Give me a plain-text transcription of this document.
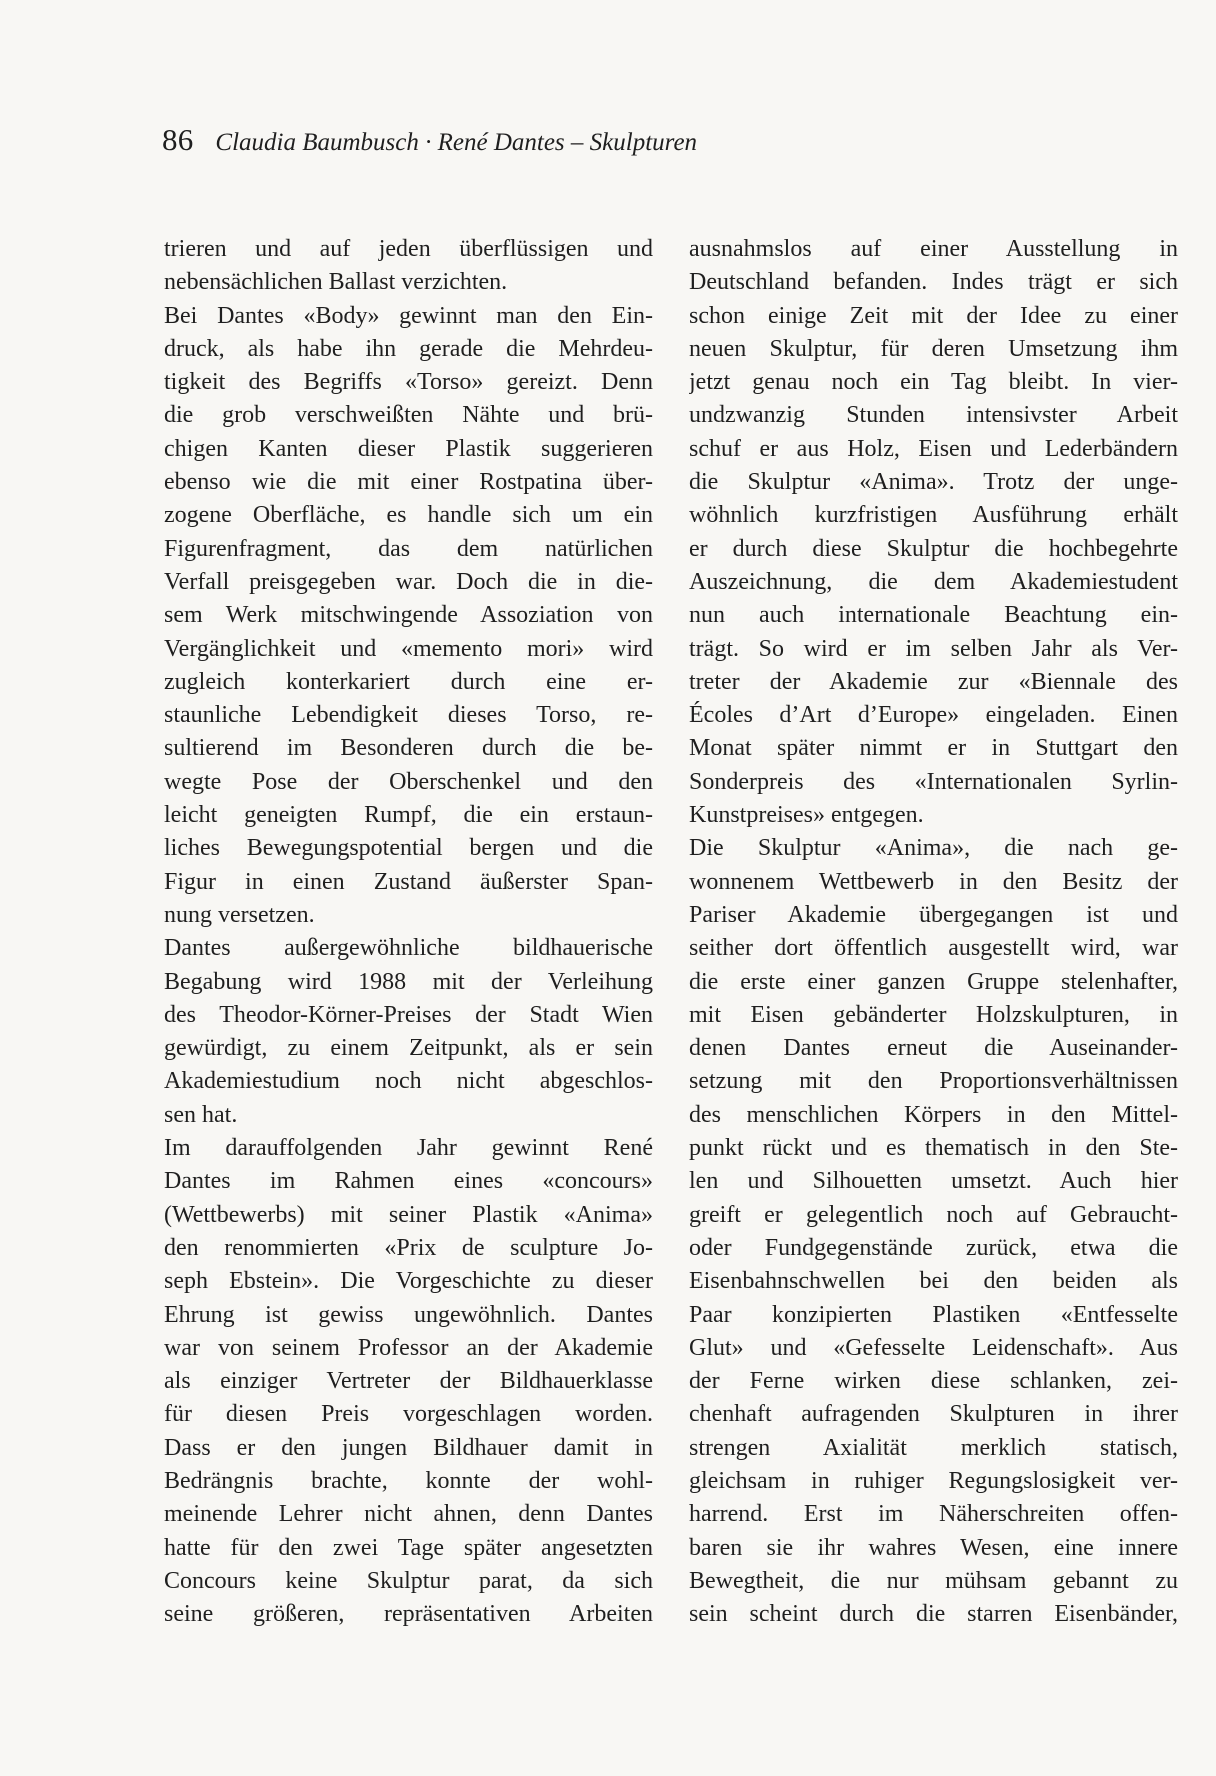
86 Claudia Baumbusch · René Dantes – Skulpturen
trieren und auf jeden überflüssigen und
nebensächlichen Ballast verzichten.
Bei Dantes «Body» gewinnt man den Ein-
druck, als habe ihn gerade die Mehrdeu-
tigkeit des Begriffs «Torso» gereizt. Denn
die grob verschweißten Nähte und brü-
chigen Kanten dieser Plastik suggerieren
ebenso wie die mit einer Rostpatina über-
zogene Oberfläche, es handle sich um ein
Figurenfragment, das dem natürlichen
Verfall preisgegeben war. Doch die in die-
sem Werk mitschwingende Assoziation von
Vergänglichkeit und «memento mori» wird
zugleich konterkariert durch eine er-
staunliche Lebendigkeit dieses Torso, re-
sultierend im Besonderen durch die be-
wegte Pose der Oberschenkel und den
leicht geneigten Rumpf, die ein erstaun-
liches Bewegungspotential bergen und die
Figur in einen Zustand äußerster Span-
nung versetzen.
Dantes außergewöhnliche bildhauerische
Begabung wird 1988 mit der Verleihung
des Theodor-Körner-Preises der Stadt Wien
gewürdigt, zu einem Zeitpunkt, als er sein
Akademiestudium noch nicht abgeschlos-
sen hat.
Im darauffolgenden Jahr gewinnt René
Dantes im Rahmen eines «concours»
(Wettbewerbs) mit seiner Plastik «Anima»
den renommierten «Prix de sculpture Jo-
seph Ebstein». Die Vorgeschichte zu dieser
Ehrung ist gewiss ungewöhnlich. Dantes
war von seinem Professor an der Akademie
als einziger Vertreter der Bildhauerklasse
für diesen Preis vorgeschlagen worden.
Dass er den jungen Bildhauer damit in
Bedrängnis brachte, konnte der wohl-
meinende Lehrer nicht ahnen, denn Dantes
hatte für den zwei Tage später angesetzten
Concours keine Skulptur parat, da sich
seine größeren, repräsentativen Arbeiten
ausnahmslos auf einer Ausstellung in
Deutschland befanden. Indes trägt er sich
schon einige Zeit mit der Idee zu einer
neuen Skulptur, für deren Umsetzung ihm
jetzt genau noch ein Tag bleibt. In vier-
undzwanzig Stunden intensivster Arbeit
schuf er aus Holz, Eisen und Lederbändern
die Skulptur «Anima». Trotz der unge-
wöhnlich kurzfristigen Ausführung erhält
er durch diese Skulptur die hochbegehrte
Auszeichnung, die dem Akademiestudent
nun auch internationale Beachtung ein-
trägt. So wird er im selben Jahr als Ver-
treter der Akademie zur «Biennale des
Écoles d’Art d’Europe» eingeladen. Einen
Monat später nimmt er in Stuttgart den
Sonderpreis des «Internationalen Syrlin-
Kunstpreises» entgegen.
Die Skulptur «Anima», die nach ge-
wonnenem Wettbewerb in den Besitz der
Pariser Akademie übergegangen ist und
seither dort öffentlich ausgestellt wird, war
die erste einer ganzen Gruppe stelenhafter,
mit Eisen gebänderter Holzskulpturen, in
denen Dantes erneut die Auseinander-
setzung mit den Proportionsverhältnissen
des menschlichen Körpers in den Mittel-
punkt rückt und es thematisch in den Ste-
len und Silhouetten umsetzt. Auch hier
greift er gelegentlich noch auf Gebraucht-
oder Fundgegenstände zurück, etwa die
Eisenbahnschwellen bei den beiden als
Paar konzipierten Plastiken «Entfesselte
Glut» und «Gefesselte Leidenschaft». Aus
der Ferne wirken diese schlanken, zei-
chenhaft aufragenden Skulpturen in ihrer
strengen Axialität merklich statisch,
gleichsam in ruhiger Regungslosigkeit ver-
harrend. Erst im Näherschreiten offen-
baren sie ihr wahres Wesen, eine innere
Bewegtheit, die nur mühsam gebannt zu
sein scheint durch die starren Eisenbänder,
